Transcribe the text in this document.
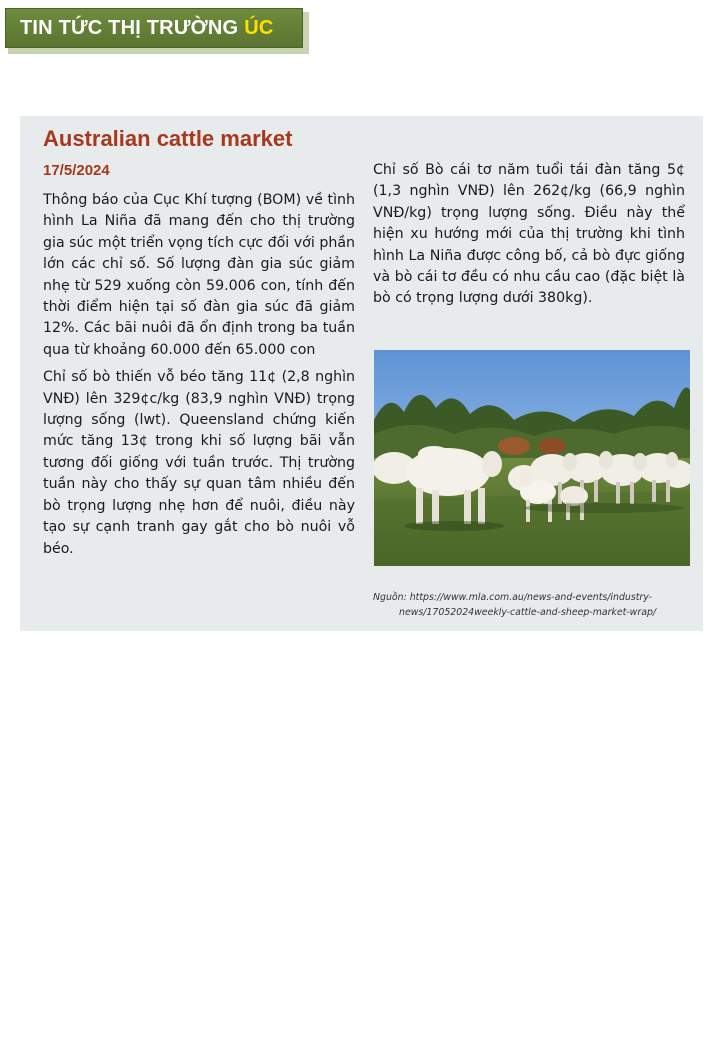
TIN TỨC THỊ TRƯỜNG ÚC
Australian cattle market
17/5/2024

Thông báo của Cục Khí tượng (BOM) về tình hình La Niña đã mang đến cho thị trường gia súc một triển vọng tích cực đối với phần lớn các chỉ số. Số lượng đàn gia súc giảm nhẹ từ 529 xuống còn 59.006 con, tính đến thời điểm hiện tại số đàn gia súc đã giảm 12%. Các bãi nuôi đã ổn định trong ba tuần qua từ khoảng 60.000 đến 65.000 con

Chỉ số bò thiến vỗ béo tăng 11¢ (2,8 nghìn VNĐ) lên 329¢c/kg (83,9 nghìn VNĐ) trọng lượng sống (lwt). Queensland chứng kiến mức tăng 13¢ trong khi số lượng bãi vẫn tương đối giống với tuần trước. Thị trường tuần này cho thấy sự quan tâm nhiều đến bò trọng lượng nhẹ hơn để nuôi, điều này tạo sự cạnh tranh gay gắt cho bò nuôi vỗ béo.

Chỉ số Bò cái tơ năm tuổi tái đàn tăng 5¢ (1,3 nghìn VNĐ) lên 262¢/kg (66,9 nghìn VNĐ/kg) trọng lượng sống. Điều này thể hiện xu hướng mới của thị trường khi tình hình La Niña được công bố, cả bò đực giống và bò cái tơ đều có nhu cầu cao (đặc biệt là bò có trọng lượng dưới 380kg).

Nguồn: https://www.mla.com.au/news-and-events/industry-
news/17052024weekly-cattle-and-sheep-market-wrap/
